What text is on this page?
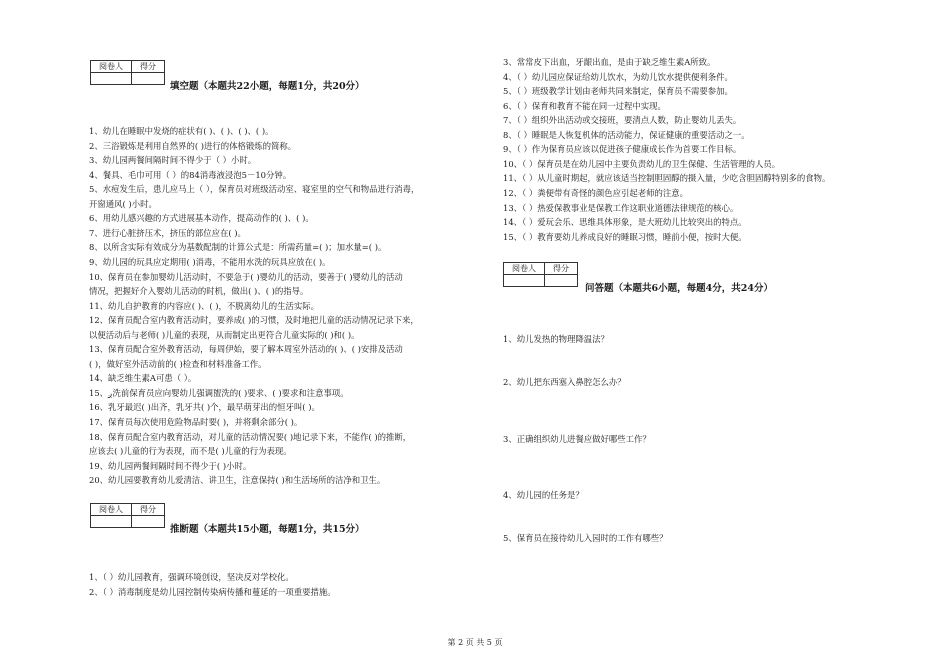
阅卷人	得分

填空题（本题共22小题，每题1分，共20分）
1、幼儿在睡眠中发烧的症状有( )、( )、( )、( )。
2、三浴锻炼是利用自然界的( )进行的体格锻炼的简称。
3、幼儿园两餐间隔时间不得少于（ ）小时。
4、餐具、毛巾可用（ ）的84消毒液浸泡5－10分钟。
5、水痘发生后，患儿应马上（ ），保育员对班级活动室、寝室里的空气和物品进行消毒，
开窗通风( )小时。
6、用幼儿感兴趣的方式进展基本动作，提高动作的( )、( )。
7、进行心脏挤压术，挤压的部位应在( )。
8、以所含实际有效成分为基数配制的计算公式是：所需药量=( )；加水量=( )。
9、幼儿园的玩具应定期用( )消毒，不能用水洗的玩具应放在( )。
10、保育员在参加婴幼儿活动时，不要急于( )婴幼儿的活动，要善于( )婴幼儿的活动
情况，把握好介入婴幼儿活动的时机，做出( )、( )的指导。
11、幼儿自护教育的内容应( )、( )，不脱离幼儿的生活实际。
12、保育员配合室内教育活动时，要养成( )的习惯，及时地把儿童的活动情况记录下来，
以便活动后与老师( )儿童的表现，从而制定出更符合儿童实际的( )和( )。
13、保育员配合室外教育活动，每周伊始，要了解本周室外活动的( )、( )安排及活动
( )，做好室外活动前的( )检查和材料准备工作。
14、缺乏维生素A可患（ ）。
15、ږ洗前保育员应向婴幼儿强调盥洗的( )要求、( )要求和注意事项。
16、乳牙最迟( )出齐，乳牙共( )个，最早萌芽出的恒牙叫( )。
17、保育员每次使用危险物品时要( )，并将剩余部分( )。
18、保育员配合室内教育活动，对儿童的活动情况要( )地记录下来，不能作( )的推断，
应该去( )儿童的行为表现，而不是( )儿童的行为表现。
19、幼儿园两餐间隔时间不得少于( )小时。
20、幼儿园要教育幼儿爱清洁、讲卫生，注意保持( )和生活场所的洁净和卫生。
阅卷人	得分

推断题（本题共15小题，每题1分，共15分）
1、（ ）幼儿园教育，强调环境创设，坚决反对学校化。
2、（ ）消毒制度是幼儿园控制传染病传播和蔓延的一项重要措施。
3、常常皮下出血，牙龈出血，是由于缺乏维生素A所致。
4、（ ）幼儿园应保证给幼儿饮水，为幼儿饮水提供便利条件。
5、（ ）班级教学计划由老师共同来制定，保育员不需要参加。
6、（ ）保育和教育不能在同一过程中实现。
7、（ ）组织外出活动或交接班，要清点人数，防止婴幼儿丢失。
8、（ ）睡眠是人恢复机体的活动能力，保证健康的重要活动之一。
9、（ ）作为保育员应该以促进孩子健康成长作为首要工作目标。
10、（ ）保育员是在幼儿园中主要负责幼儿的卫生保健、生活管理的人员。
11、（ ）从儿童时期起，就应该适当控制胆固醇的摄入量，少吃含胆固醇特别多的食物。
12、（ ）粪便带有奇怪的颜色应引起老师的注意。
13、（ ）热爱保教事业是保教工作这职业道德法律规范的核心。
14、（ ）爱玩会乐、思维具体形象，是大班幼儿比较突出的特点。
15、（ ）教育要幼儿养成良好的睡眠习惯，睡前小便，按时大便。
阅卷人	得分

问答题（本题共6小题，每题4分，共24分）
1、幼儿发热的物理降温法？
2、幼儿把东西塞入鼻腔怎么办？
3、正确组织幼儿进餐应做好哪些工作？
4、幼儿园的任务是？
5、保育员在接待幼儿入园时的工作有哪些？
第 2 页 共 5 页
